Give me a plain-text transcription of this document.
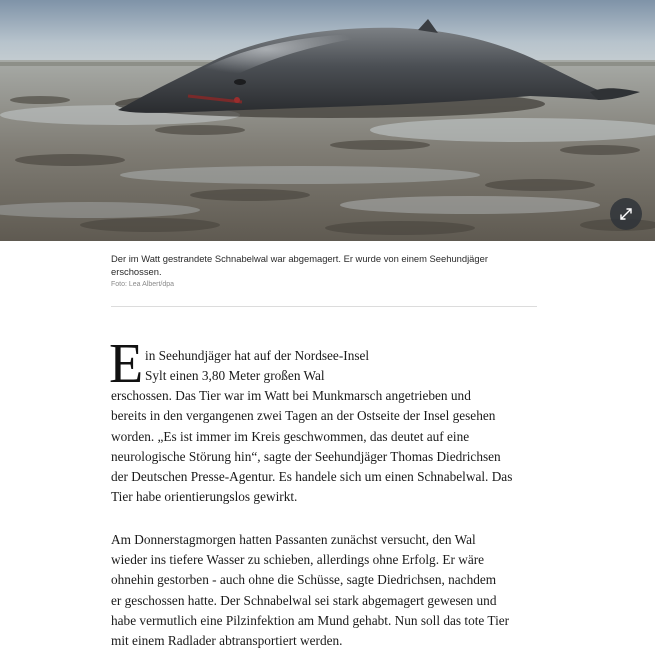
Der im Watt gestrandete Schnabelwal war abgemagert. Er wurde von einem Seehundjäger
erschossen.
Foto: Lea Albert/dpa
E in Seehundjäger hat auf der Nordsee-Insel
Sylt einen 3,80 Meter großen Wal
erschossen. Das Tier war im Watt bei Munkmarsch angetrieben und
bereits in den vergangenen zwei Tagen an der Ostseite der Insel gesehen
worden. „Es ist immer im Kreis geschwommen, das deutet auf eine
neurologische Störung hin“, sagte der Seehundjäger Thomas Diedrichsen
der Deutschen Presse-Agentur. Es handele sich um einen Schnabelwal. Das
Tier habe orientierungslos gewirkt.
Am Donnerstagmorgen hatten Passanten zunächst versucht, den Wal
wieder ins tiefere Wasser zu schieben, allerdings ohne Erfolg. Er wäre
ohnehin gestorben - auch ohne die Schüsse, sagte Diedrichsen, nachdem
er geschossen hatte. Der Schnabelwal sei stark abgemagert gewesen und
habe vermutlich eine Pilzinfektion am Mund gehabt. Nun soll das tote Tier
mit einem Radlader abtransportiert werden.
